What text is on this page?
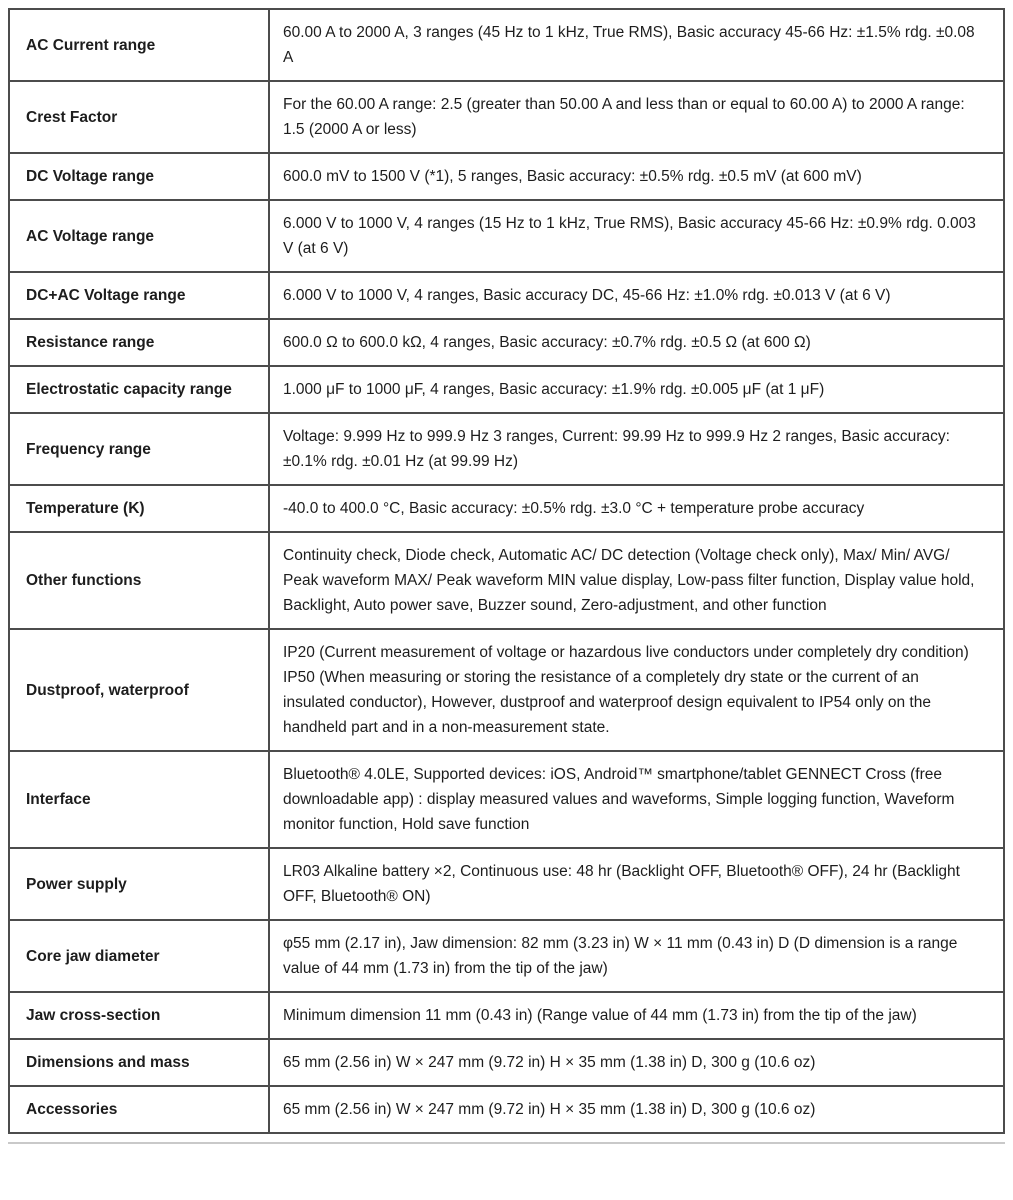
AC Current range	60.00 A to 2000 A, 3 ranges (45 Hz to 1 kHz, True RMS), Basic accuracy 45-66 Hz: ±1.5% rdg. ±0.08 A
Crest Factor	For the 60.00 A range: 2.5 (greater than 50.00 A and less than or equal to 60.00 A) to 2000 A range: 1.5 (2000 A or less)
DC Voltage range	600.0 mV to 1500 V (*1), 5 ranges, Basic accuracy: ±0.5% rdg. ±0.5 mV (at 600 mV)
AC Voltage range	6.000 V to 1000 V, 4 ranges (15 Hz to 1 kHz, True RMS), Basic accuracy 45-66 Hz: ±0.9% rdg. 0.003 V (at 6 V)
DC+AC Voltage range	6.000 V to 1000 V, 4 ranges, Basic accuracy DC, 45-66 Hz: ±1.0% rdg. ±0.013 V (at 6 V)
Resistance range	600.0 Ω to 600.0 kΩ, 4 ranges, Basic accuracy: ±0.7% rdg. ±0.5 Ω (at 600 Ω)
Electrostatic capacity range	1.000 μF to 1000 μF, 4 ranges, Basic accuracy: ±1.9% rdg. ±0.005 μF (at 1 μF)
Frequency range	Voltage: 9.999 Hz to 999.9 Hz 3 ranges, Current: 99.99 Hz to 999.9 Hz 2 ranges, Basic accuracy: ±0.1% rdg. ±0.01 Hz (at 99.99 Hz)
Temperature (K)	-40.0 to 400.0 °C, Basic accuracy: ±0.5% rdg. ±3.0 °C + temperature probe accuracy
Other functions	Continuity check, Diode check, Automatic AC/ DC detection (Voltage check only), Max/ Min/ AVG/ Peak waveform MAX/ Peak waveform MIN value display, Low-pass filter function, Display value hold, Backlight, Auto power save, Buzzer sound, Zero-adjustment, and other function
Dustproof, waterproof	IP20 (Current measurement of voltage or hazardous live conductors under completely dry condition) IP50 (When measuring or storing the resistance of a completely dry state or the current of an insulated conductor), However, dustproof and waterproof design equivalent to IP54 only on the handheld part and in a non-measurement state.
Interface	Bluetooth® 4.0LE, Supported devices: iOS, Android™ smartphone/tablet GENNECT Cross (free downloadable app) : display measured values and waveforms, Simple logging function, Waveform monitor function, Hold save function
Power supply	LR03 Alkaline battery ×2, Continuous use: 48 hr (Backlight OFF, Bluetooth® OFF), 24 hr (Backlight OFF, Bluetooth® ON)
Core jaw diameter	φ55 mm (2.17 in), Jaw dimension: 82 mm (3.23 in) W × 11 mm (0.43 in) D (D dimension is a range value of 44 mm (1.73 in) from the tip of the jaw)
Jaw cross-section	Minimum dimension 11 mm (0.43 in) (Range value of 44 mm (1.73 in) from the tip of the jaw)
Dimensions and mass	65 mm (2.56 in) W × 247 mm (9.72 in) H × 35 mm (1.38 in) D, 300 g (10.6 oz)
Accessories	65 mm (2.56 in) W × 247 mm (9.72 in) H × 35 mm (1.38 in) D, 300 g (10.6 oz)
